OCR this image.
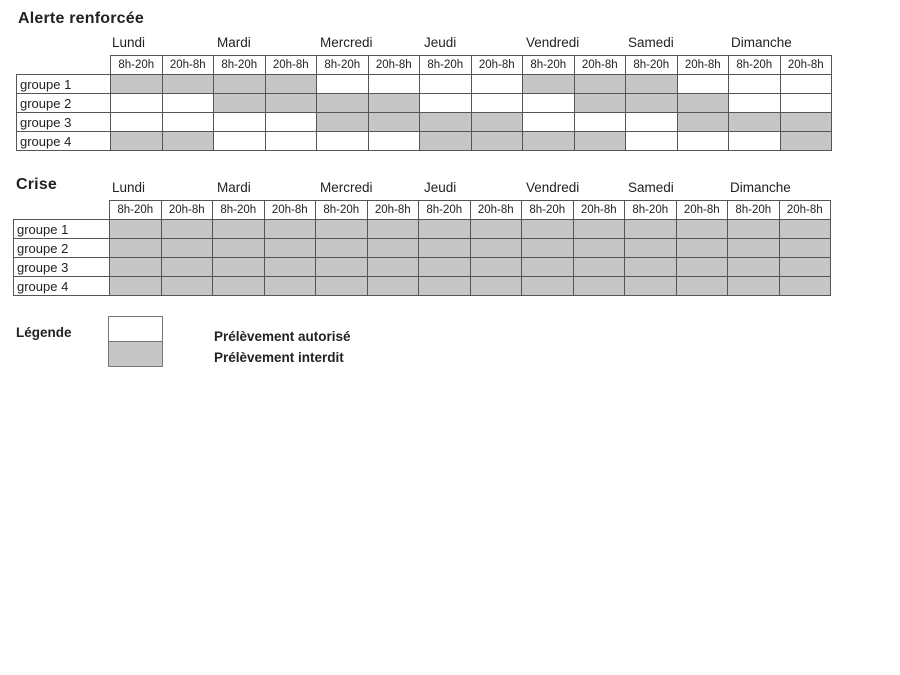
Alerte renforcée
Lundi	Mardi	Mercredi	Jeudi	Vendredi	Samedi	Dimanche
	8h-20h	20h-8h	8h-20h	20h-8h	8h-20h	20h-8h	8h-20h	20h-8h	8h-20h	20h-8h	8h-20h	20h-8h	8h-20h	20h-8h
groupe 1														
groupe 2														
groupe 3														
groupe 4														
Crise	Lundi	Mardi	Mercredi	Jeudi	Vendredi	Samedi	Dimanche
	8h-20h	20h-8h	8h-20h	20h-8h	8h-20h	20h-8h	8h-20h	20h-8h	8h-20h	20h-8h	8h-20h	20h-8h	8h-20h	20h-8h
groupe 1														
groupe 2														
groupe 3														
groupe 4														
Légende	Prélèvement autorisé
Prélèvement interdit
